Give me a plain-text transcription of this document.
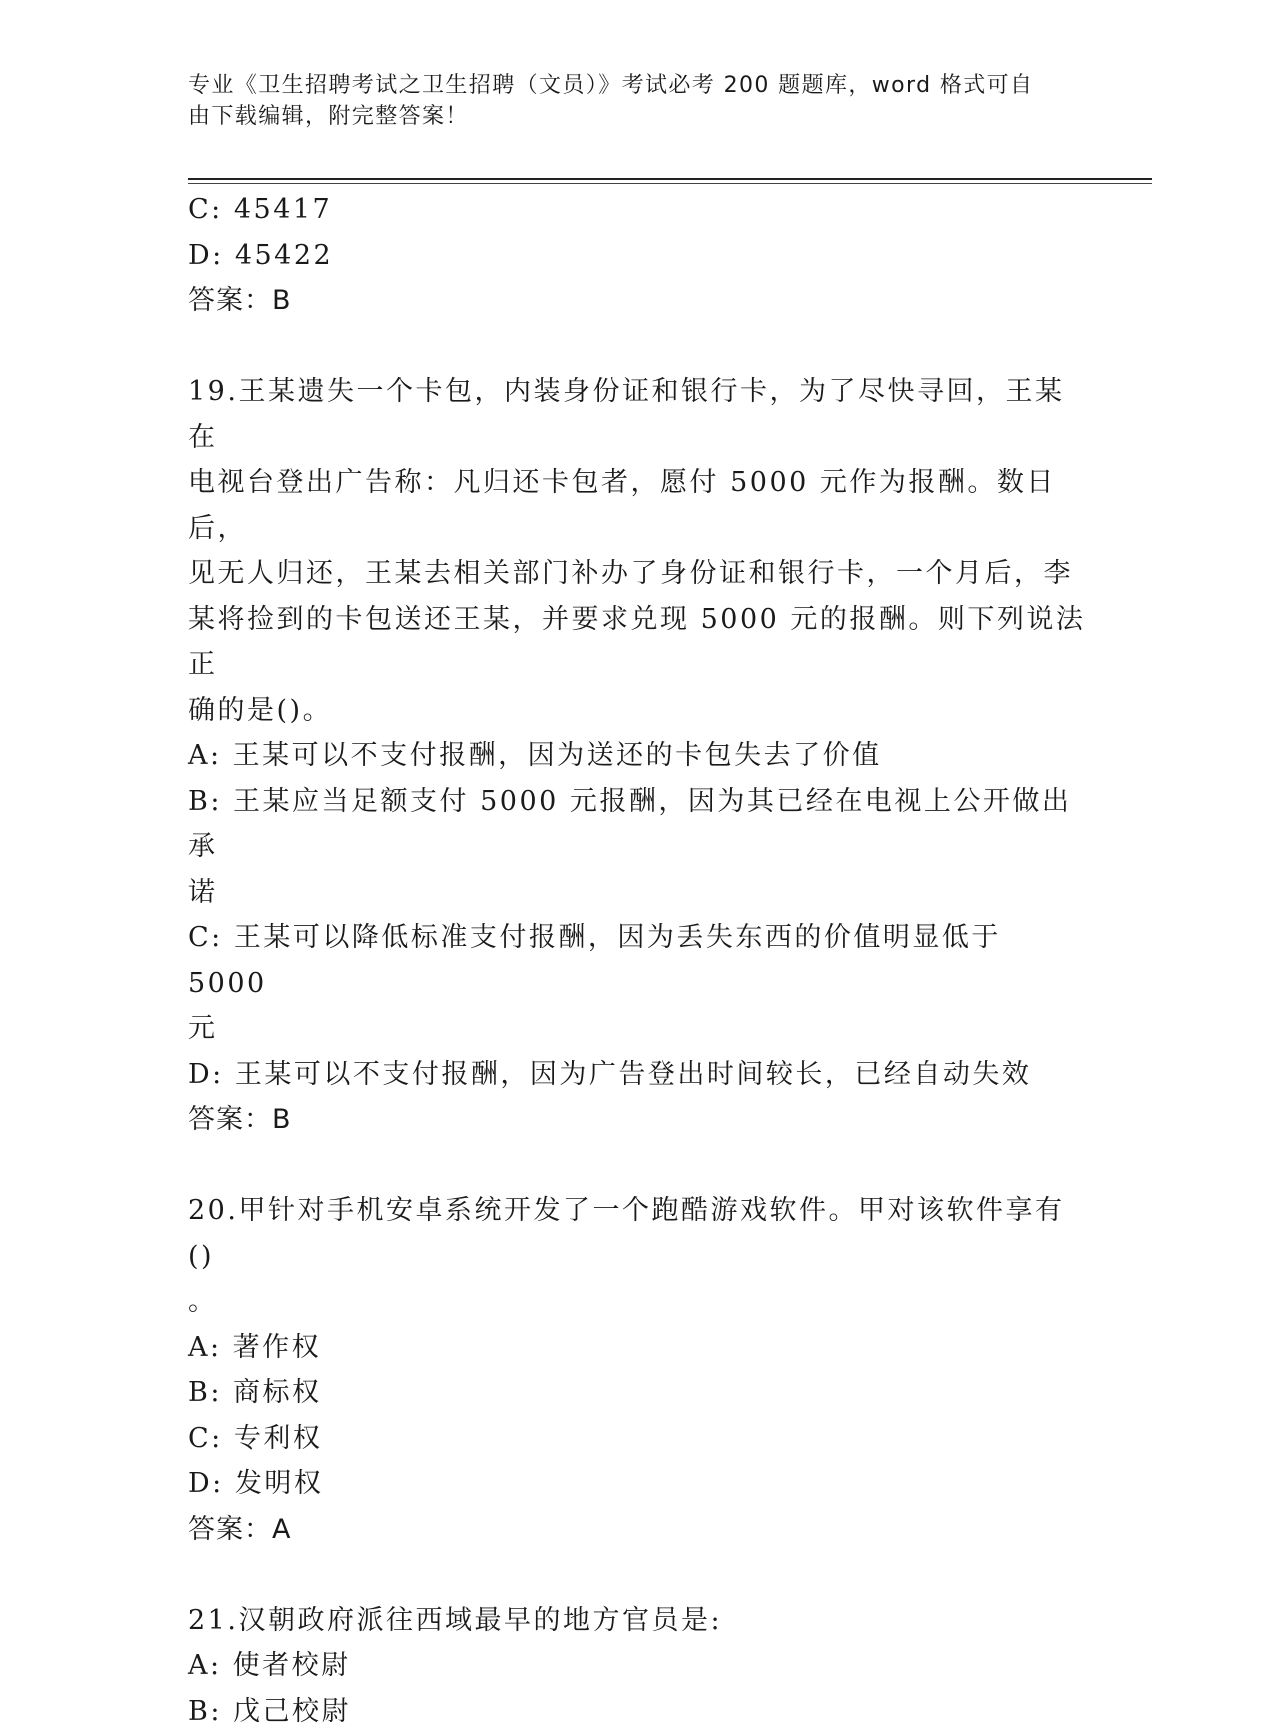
专业《卫生招聘考试之卫生招聘（文员）》考试必考 200 题题库，word 格式可自
由下载编辑，附完整答案！
C: 45417
D: 45422
答案：B
19.王某遗失一个卡包，内装身份证和银行卡，为了尽快寻回，王某在
电视台登出广告称：凡归还卡包者，愿付 5000 元作为报酬。数日后，
见无人归还，王某去相关部门补办了身份证和银行卡，一个月后，李
某将捡到的卡包送还王某，并要求兑现 5000 元的报酬。则下列说法正
确的是()。
A: 王某可以不支付报酬，因为送还的卡包失去了价值
B: 王某应当足额支付 5000 元报酬，因为其已经在电视上公开做出承
诺
C: 王某可以降低标准支付报酬，因为丢失东西的价值明显低于 5000
元
D: 王某可以不支付报酬，因为广告登出时间较长，已经自动失效
答案：B
20.甲针对手机安卓系统开发了一个跑酷游戏软件。甲对该软件享有()
。
A: 著作权
B: 商标权
C: 专利权
D: 发明权
答案：A
21.汉朝政府派往西域最早的地方官员是:
A: 使者校尉
B: 戊己校尉
